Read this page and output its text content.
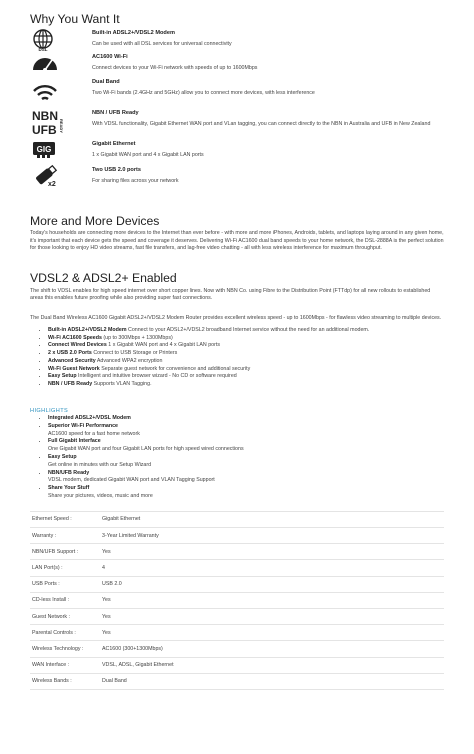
Why You Want It
DSL
Built-in ADSL2+/VDSL2 Modem
Can be used with all DSL services for universal connectivity
AC1600 Wi-Fi
Connect devices to your Wi-Fi network with speeds of up to 1600Mbps
Dual Band
Two Wi-Fi bands (2.4GHz and 5GHz) allow you to connect more devices, with less interference
NBN
UFB READY
NBN / UFB Ready
With VDSL functionality, Gigabit Ethernet WAN port and VLan tagging, you can connect directly to the NBN in Australia and UFB in New Zealand
GIG
Gigabit Ethernet
1 x Gigabit WAN port and 4 x Gigabit LAN ports
x2
Two USB 2.0 ports
For sharing files across your network
More and More Devices

Today's households are connecting more devices to the Internet than ever before - with more and more iPhones, Androids, tablets, and laptops laying around in any given home, it's important that each device gets the speed and coverage it deserves. Delivering Wi-Fi AC1600 dual band speeds to your home network, the DSL-2888A is the perfect solution for those looking to enjoy HD video streams, fast file transfers, and lag-free video chatting - all with less wireless interference for maximum throughput.

VDSL2 & ADSL2+ Enabled

The shift to VDSL enables for high speed internet over short copper lines. Now with NBN Co. using Fibre to the Distribution Point (FTTdp) for all new rollouts to established areas this enables future proofing while also providing super fast connections.

The Dual Band Wireless AC1600 Gigabit ADSL2+/VDSL2 Modem Router provides excellent wireless speed - up to 1600Mbps - for flawless video streaming to multiple devices.

• Built-in ADSL2+/VDSL2 Modem Connect to your ADSL2+/VDSL2 broadband Internet service without the need for an additional modem.
• Wi-Fi AC1600 Speeds (up to 300Mbps + 1300Mbps)
• Connect Wired Devices 1 x Gigabit WAN port and 4 x Gigabit LAN ports
• 2 x USB 2.0 Ports Connect to USB Storage or Printers
• Advanced Security Advanced WPA2 encryption
• Wi-Fi Guest Network Separate guest network for convenience and additional security
• Easy Setup Intelligent and intuitive browser wizard - No CD or software required
• NBN / UFB Ready Supports VLAN Tagging.
HIGHLIGHTS
• Integrated ADSL2+/VDSL Modem
• Superior Wi-Fi Performance
AC1600 speed for a fast home network
• Full Gigabit Interface
One Gigabit WAN port and four Gigabit LAN ports for high speed wired connections
• Easy Setup
Get online in minutes with our Setup Wizard
• NBN/UFB Ready
VDSL modem, dedicated Gigabit WAN port and VLAN Tagging Support
• Share Your Stuff
Share your pictures, videos, music and more
Ethernet Speed :	Gigabit Ethernet
Warranty :	3-Year Limited Warranty
NBN/UFB Support :	Yes
LAN Port(s) :	4
USB Ports :	USB 2.0
CD-less Install :	Yes
Guest Network :	Yes
Parental Controls :	Yes
Wireless Technology :	AC1600 (300+1300Mbps)
WAN Interface :	VDSL, ADSL, Gigabit Ethernet
Wireless Bands :	Dual Band
